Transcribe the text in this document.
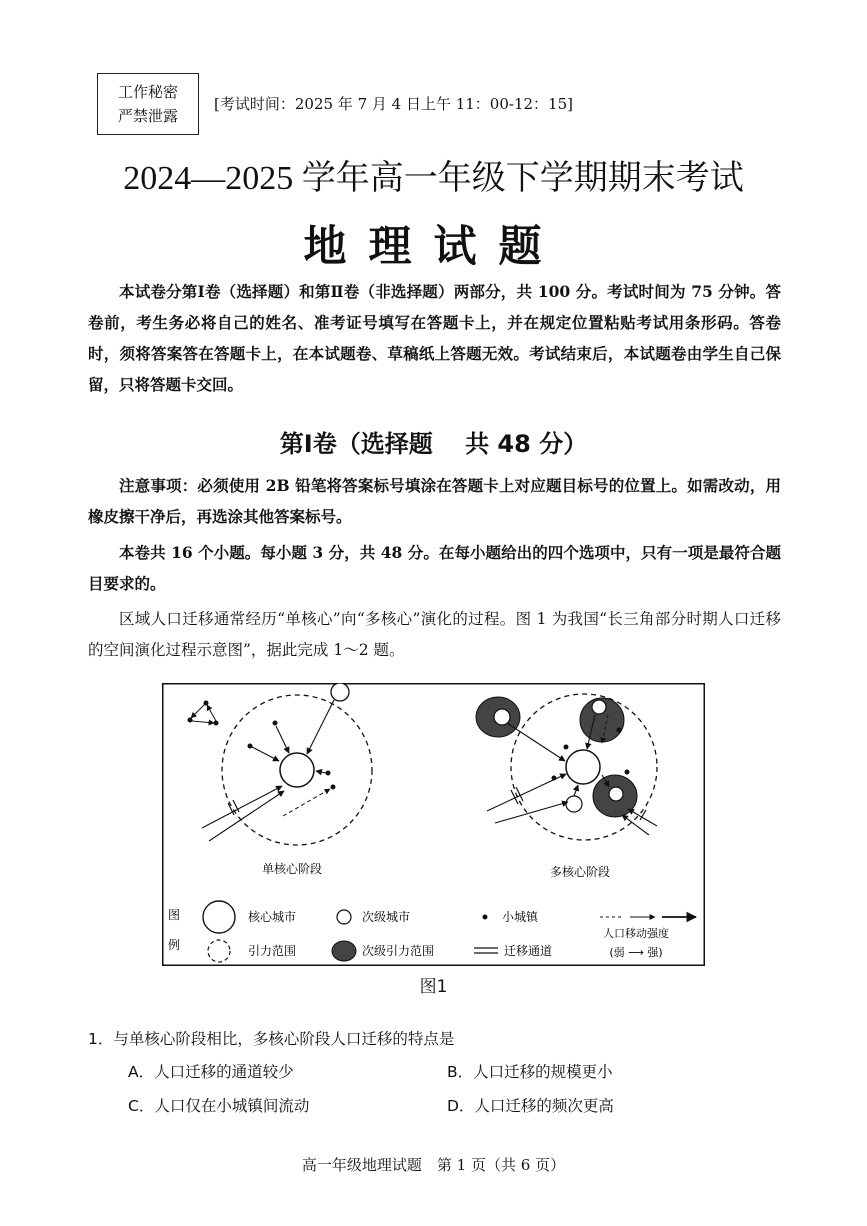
工作秘密
严禁泄露
[考试时间：2025 年 7 月 4 日上午 11：00-12：15]
2024—2025 学年高一年级下学期期末考试
地理试题

本试卷分第Ⅰ卷（选择题）和第Ⅱ卷（非选择题）两部分，共 100 分。考试时间为 75 分钟。答卷前，考生务必将自己的姓名、准考证号填写在答题卡上，并在规定位置粘贴考试用条形码。答卷时，须将答案答在答题卡上，在本试题卷、草稿纸上答题无效。考试结束后，本试题卷由学生自己保留，只将答题卡交回。

第Ⅰ卷（选择题　 共 48 分）

注意事项：必须使用 2B 铅笔将答案标号填涂在答题卡上对应题目标号的位置上。如需改动，用橡皮擦干净后，再选涂其他答案标号。

本卷共 16 个小题。每小题 3 分，共 48 分。在每小题给出的四个选项中，只有一项是最符合题目要求的。

区域人口迁移通常经历“单核心”向“多核心”演化的过程。图 1 为我国“长三角部分时期人口迁移的空间演化过程示意图”，据此完成 1～2 题。

单核心阶段	多核心阶段
图
例
核心城市	次级城市	小城镇
人口移动强度
(弱 ⟶ 强)
引力范围	次级引力范围	迁移通道
图1
1．与单核心阶段相比，多核心阶段人口迁移的特点是
A．人口迁移的通道较少	B．人口迁移的规模更小
C．人口仅在小城镇间流动	D．人口迁移的频次更高
高一年级地理试题　第 1 页（共 6 页）
